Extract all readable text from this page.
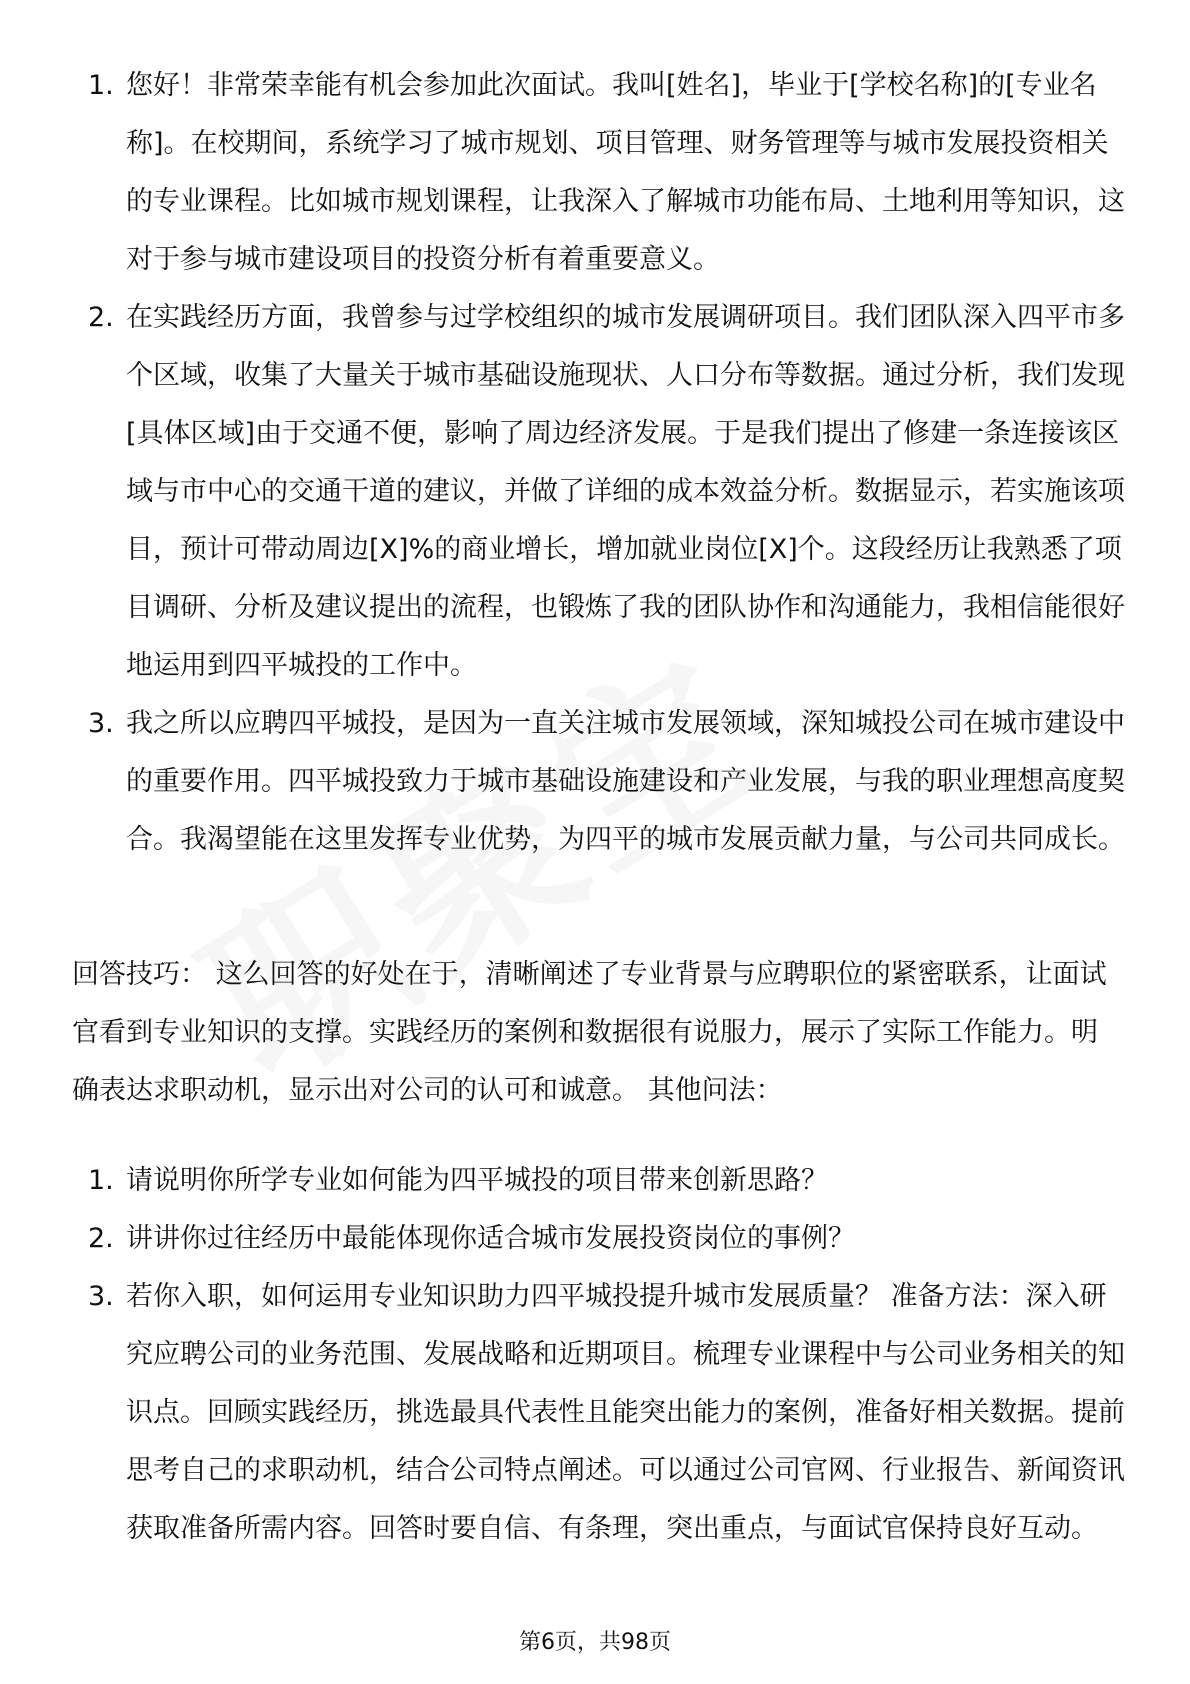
1. 您好！非常荣幸能有机会参加此次面试。我叫[姓名]，毕业于[学校名称]的[专业名称]。在校期间，系统学习了城市规划、项目管理、财务管理等与城市发展投资相关的专业课程。比如城市规划课程，让我深入了解城市功能布局、土地利用等知识，这对于参与城市建设项目的投资分析有着重要意义。
2. 在实践经历方面，我曾参与过学校组织的城市发展调研项目。我们团队深入四平市多个区域，收集了大量关于城市基础设施现状、人口分布等数据。通过分析，我们发现[具体区域]由于交通不便，影响了周边经济发展。于是我们提出了修建一条连接该区域与市中心的交通干道的建议，并做了详细的成本效益分析。数据显示，若实施该项目，预计可带动周边[X]%的商业增长，增加就业岗位[X]个。这段经历让我熟悉了项目调研、分析及建议提出的流程，也锻炼了我的团队协作和沟通能力，我相信能很好地运用到四平城投的工作中。
3. 我之所以应聘四平城投，是因为一直关注城市发展领域，深知城投公司在城市建设中的重要作用。四平城投致力于城市基础设施建设和产业发展，与我的职业理想高度契合。我渴望能在这里发挥专业优势，为四平的城市发展贡献力量，与公司共同成长。

回答技巧： 这么回答的好处在于，清晰阐述了专业背景与应聘职位的紧密联系，让面试官看到专业知识的支撑。实践经历的案例和数据很有说服力，展示了实际工作能力。明确表达求职动机，显示出对公司的认可和诚意。 其他问法：

1. 请说明你所学专业如何能为四平城投的项目带来创新思路？
2. 讲讲你过往经历中最能体现你适合城市发展投资岗位的事例？
3. 若你入职，如何运用专业知识助力四平城投提升城市发展质量？ 准备方法：深入研究应聘公司的业务范围、发展战略和近期项目。梳理专业课程中与公司业务相关的知识点。回顾实践经历，挑选最具代表性且能突出能力的案例，准备好相关数据。提前思考自己的求职动机，结合公司特点阐述。可以通过公司官网、行业报告、新闻资讯获取准备所需内容。回答时要自信、有条理，突出重点，与面试官保持良好互动。
第6页，共98页
